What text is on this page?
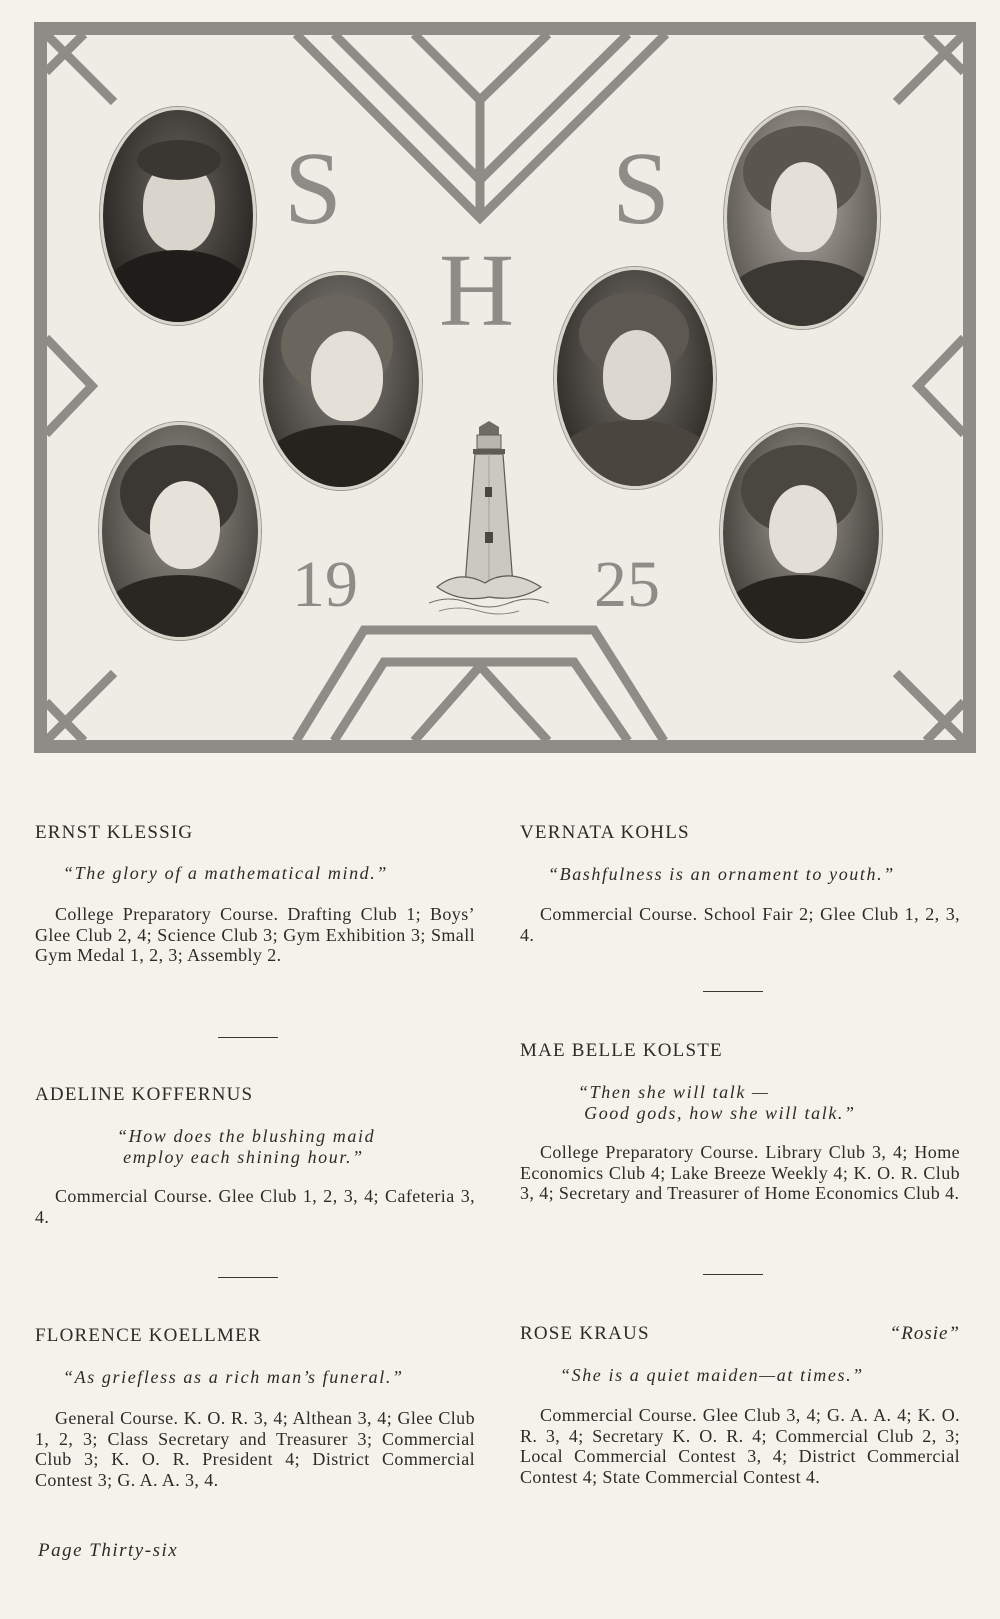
S
H
S
19	25
ERNST KLESSIG
“The glory of a mathematical mind.”
College Preparatory Course. Drafting Club 1; Boys’ Glee Club 2, 4; Science Club 3; Gym Exhibition 3; Small Gym Medal 1, 2, 3; Assembly 2.
ADELINE KOFFERNUS
“How does the blushing maid
employ each shining hour.”
Commercial Course. Glee Club 1, 2, 3, 4; Cafeteria 3, 4.
FLORENCE KOELLMER
“As griefless as a rich man’s funeral.”
General Course. K. O. R. 3, 4; Althean 3, 4; Glee Club 1, 2, 3; Class Secretary and Treasurer 3; Commercial Club 3; K. O. R. President 4; District Commercial Contest 3; G. A. A. 3, 4.
VERNATA KOHLS
“Bashfulness is an ornament to youth.”
Commercial Course. School Fair 2; Glee Club 1, 2, 3, 4.
MAE BELLE KOLSTE
“Then she will talk —
Good gods, how she will talk.”
College Preparatory Course. Library Club 3, 4; Home Economics Club 4; Lake Breeze Weekly 4; K. O. R. Club 3, 4; Secretary and Treasurer of Home Economics Club 4.
ROSE KRAUS	“Rosie”
“She is a quiet maiden—at times.”
Commercial Course. Glee Club 3, 4; G. A. A. 4; K. O. R. 3, 4; Secretary K. O. R. 4; Commercial Club 2, 3; Local Commercial Contest 3, 4; District Commercial Contest 4; State Commercial Contest 4.
Page Thirty-six
